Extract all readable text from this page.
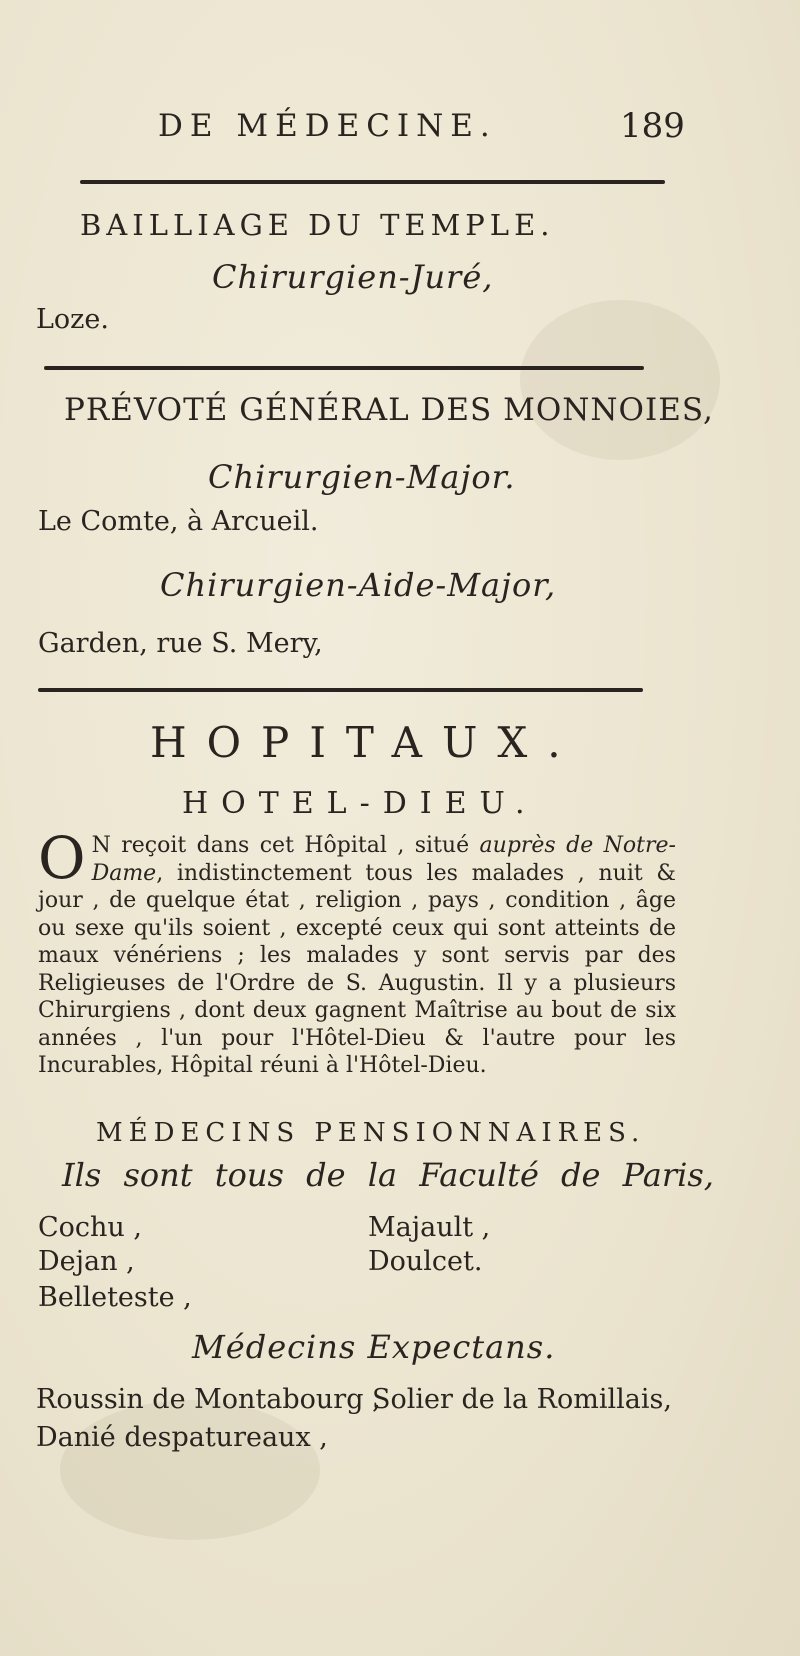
DE MÉDECINE.	189
BAILLIAGE DU TEMPLE.
Chirurgien-Juré,
Loze.
PRÉVOTÉ GÉNÉRAL DES MONNOIES,
Chirurgien-Major.
Le Comte, à Arcueil.
Chirurgien-Aide-Major,
Garden, rue S. Mery,
HOPITAUX.
HOTEL-DIEU.
O N reçoit dans cet Hôpital , situé auprès de Notre-Dame, indistinctement tous les malades , nuit & jour , de quelque état , religion , pays , condition , âge ou sexe qu'ils soient , excepté ceux qui sont atteints de maux vénériens ; les malades y sont servis par des Religieuses de l'Ordre de S. Augustin. Il y a plusieurs Chirurgiens , dont deux gagnent Maîtrise au bout de six années , l'un pour l'Hôtel-Dieu & l'autre pour les Incurables, Hôpital réuni à l'Hôtel-Dieu.
MÉDECINS PENSIONNAIRES.
Ils sont tous de la Faculté de Paris,
Cochu ,
Dejan ,
Belleteste ,
Majault ,
Doulcet.
Médecins Expectans.
Roussin de Montabourg ,
Solier de la Romillais,
Danié despatureaux ,
